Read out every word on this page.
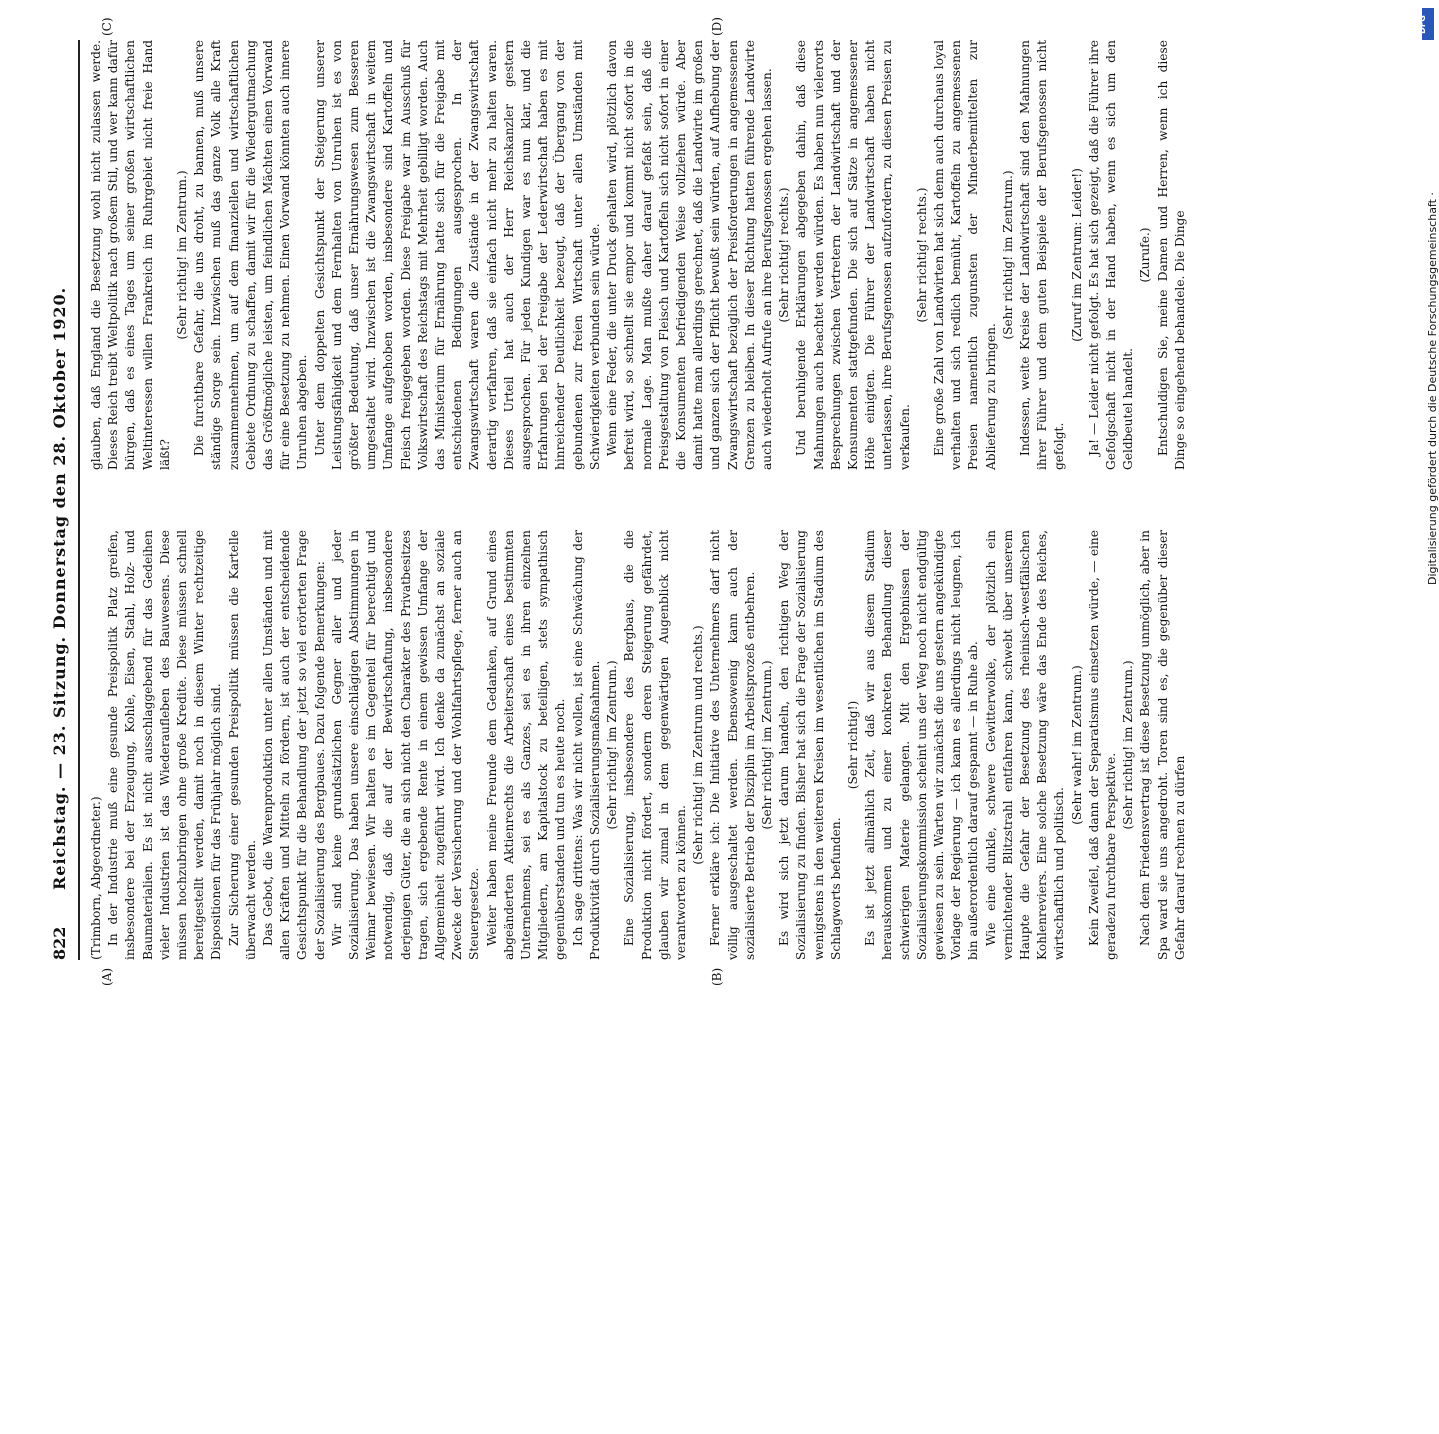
822
Reichstag. — 23. Sitzung. Donnerstag den 28. Oktober 1920. (Trimborn, Abgeordneter.) In der Industrie muß eine gesunde Preispolitik Platz greifen, insbesondere bei der Erzeugung, Kohle, Eisen, Stahl, Holz- und Baumaterialien. Es ist nicht ausschlaggebend für das Gedeihen vieler Industrien ist das Wiederaufleben des Bauwesens. Diese müssen hochzubringen ohne große Kredite. Diese müssen schnell bereitgestellt werden, damit noch in diesem Winter rechtzeitige Dispositionen für das Frühjahr möglich sind. Zur Sicherung einer gesunden Preispolitik müssen die Kartelle überwacht werden. Das Gebot, die Warenproduktion unter allen Umständen und mit allen Kräften und Mitteln zu fördern, ist auch der entscheidende Gesichtspunkt für die Behandlung der jetzt so viel erörterten Frage der Sozialisierung des Bergbaues. Dazu folgende Bemerkungen: Wir sind keine grundsätzlichen Gegner aller und jeder Sozialisierung. Das haben unsere einschlägigen Abstimmungen in Weimar bewiesen. Wir halten es im Gegenteil für berechtigt und notwendig, daß die auf der Bewirtschaftung, insbesondere derjenigen Güter, die an sich nicht den Charakter des Privatbesitzes tragen, sich ergebende Rente in einem gewissen Umfange der Allgemeinheit zugeführt wird. Ich denke da zunächst an soziale Zwecke der Versicherung und der Wohlfahrtspflege, ferner auch an Steuergesetze. Weiter haben meine Freunde dem Gedanken, auf Grund eines abgeänderten Aktienrechts die Arbeiterschaft eines bestimmten Unternehmens, sei es als Ganzes, sei es in ihren einzelnen Mitgliedern, am Kapitalstock zu beteiligen, stets sympathisch gegenüberstanden und tun es heute noch. Ich sage drittens: Was wir nicht wollen, ist eine Schwächung der Produktivität durch Sozialisierungsmaßnahmen. (Sehr richtig! im Zentrum.) Eine Sozialisierung, insbesondere des Bergbaus, die die Produktion nicht fördert, sondern deren Steigerung gefährdet, glauben wir zumal in dem gegenwärtigen Augenblick nicht verantworten zu können.

(Sehr richtig! im Zentrum und rechts.) Ferner erkläre ich: Die Initiative des Unternehmers darf nicht völlig ausgeschaltet werden. Ebensowenig kann auch der sozialisierte Betrieb der Disziplin im Arbeitsprozeß entbehren. (Sehr richtig! im Zentrum.) Es wird sich jetzt darum handeln, den richtigen Weg der Sozialisierung zu finden. Bisher hat sich die Frage der Sozialisierung wenigstens in den weiteren Kreisen im wesentlichen im Stadium des Schlagworts befunden.

(Sehr richtig!) Es ist jetzt allmählich Zeit, daß wir aus diesem Stadium herauskommen und zu einer konkreten Behandlung dieser schwierigen Materie gelangen. Mit den Ergebnissen der Sozialisierungskommission scheint uns der Weg noch nicht endgültig gewiesen zu sein. Warten wir zunächst die uns gestern angekündigte Vorlage der Regierung — ich kann es allerdings nicht leugnen, ich bin außerordentlich darauf gespannt — in Ruhe ab. Wie eine dunkle, schwere Gewitterwolke, der plötzlich ein vernichtender Blitzstrahl entfahren kann, schwebt über unserem Haupte die Gefahr der Besetzung des rheinisch-westfälischen Kohlenreviers. Eine solche Besetzung wäre das Ende des Reiches, wirtschaftlich und politisch.

(Sehr wahr! im Zentrum.) Kein Zweifel, daß dann der Separatismus einsetzen würde, — eine geradezu furchtbare Perspektive.

(Sehr richtig! im Zentrum.) Nach dem Friedensvertrag ist diese Besetzung unmöglich, aber in Spa ward sie uns angedroht. Toren sind es, die gegenüber dieser Gefahr darauf rechnen zu dürfen

glauben, daß England die Besetzung wohl nicht zulassen werde. Dieses Reich treibt Weltpolitik nach großem Stil, und wer kann dafür bürgen, daß es eines Tages um seiner großen wirtschaftlichen Weltinteressen willen Frankreich im Ruhrgebiet nicht freie Hand läßt?

(Sehr richtig! im Zentrum.) Die furchtbare Gefahr, die uns droht, zu bannen, muß unsere ständige Sorge sein. Inzwischen muß das ganze Volk alle Kraft zusammennehmen, um auf dem finanziellen und wirtschaftlichen Gebiete Ordnung zu schaffen, damit wir für die Wiedergutmachung das Größtmögliche leisten, um feindlichen Mächten einen Vorwand für eine Besetzung zu nehmen. Einen Vorwand könnten auch innere Unruhen abgeben. Unter dem doppelten Gesichtspunkt der Steigerung unserer Leistungsfähigkeit und dem Fernhalten von Unruhen ist es von größter Bedeutung, daß unser Ernährungswesen zum Besseren umgestaltet wird. Inzwischen ist die Zwangswirtschaft in weitem Umfange aufgehoben worden, insbesondere sind Kartoffeln und Fleisch freigegeben worden. Diese Freigabe war im Ausschuß für Volkswirtschaft des Reichstags mit Mehrheit gebilligt worden. Auch das Ministerium für Ernährung hatte sich für die Freigabe mit entschiedenen Bedingungen ausgesprochen. In der Zwangswirtschaft waren die Zustände in der Zwangswirtschaft derartig verfahren, daß sie einfach nicht mehr zu halten waren. Dieses Urteil hat auch der Herr Reichskanzler gestern ausgesprochen. Für jeden Kundigen war es nun klar, und die Erfahrungen bei der Freigabe der Lederwirtschaft haben es mit hinreichender Deutlichkeit bezeugt, daß der Übergang von der gebundenen zur freien Wirtschaft unter allen Umständen mit Schwierigkeiten verbunden sein würde. Wenn eine Feder, die unter Druck gehalten wird, plötzlich davon befreit wird, so schnellt sie empor und kommt nicht sofort in die normale Lage. Man mußte daher darauf gefaßt sein, daß die Preisgestaltung von Fleisch und Kartoffeln sich nicht sofort in einer die Konsumenten befriedigenden Weise vollziehen würde. Aber damit hatte man allerdings gerechnet, daß die Landwirte im großen und ganzen sich der Pflicht bewußt sein würden, auf Aufhebung der Zwangswirtschaft bezüglich der Preisforderungen in angemessenen Grenzen zu bleiben. In dieser Richtung hatten führende Landwirte auch wiederholt Aufrufe an ihre Berufsgenossen ergehen lassen. (Sehr richtig! rechts.) Und beruhigende Erklärungen abgegeben dahin, daß diese Mahnungen auch beachtet werden würden. Es haben nun vielerorts Besprechungen zwischen Vertretern der Landwirtschaft und der Konsumenten stattgefunden. Die sich auf Sätze in angemessener Höhe einigten. Die Führer der Landwirtschaft haben nicht unterlassen, ihre Berufsgenossen aufzufordern, zu diesen Preisen zu verkaufen.

(Sehr richtig! rechts.) Eine große Zahl von Landwirten hat sich denn auch durchaus loyal verhalten und sich redlich bemüht, Kartoffeln zu angemessenen Preisen namentlich zugunsten der Minderbemittelten zur Ablieferung zu bringen.

(Sehr richtig! im Zentrum.) Indessen, weite Kreise der Landwirtschaft sind den Mahnungen ihrer Führer und dem guten Beispiele der Berufsgenossen nicht gefolgt.

(Zuruf im Zentrum: Leider!) Ja! — Leider nicht gefolgt. Es hat sich gezeigt, daß die Führer ihre Gefolgschaft nicht in der Hand haben, wenn es sich um den Geldbeutel handelt.

(Zurufe.) Entschuldigen Sie, meine Damen und Herren, wenn ich diese Dinge so eingehend behandele. Die Dinge

(A)	(B)
(C)	(D)	DFG
Digitalisierung gefördert durch die Deutsche Forschungsgemeinschaft ·
